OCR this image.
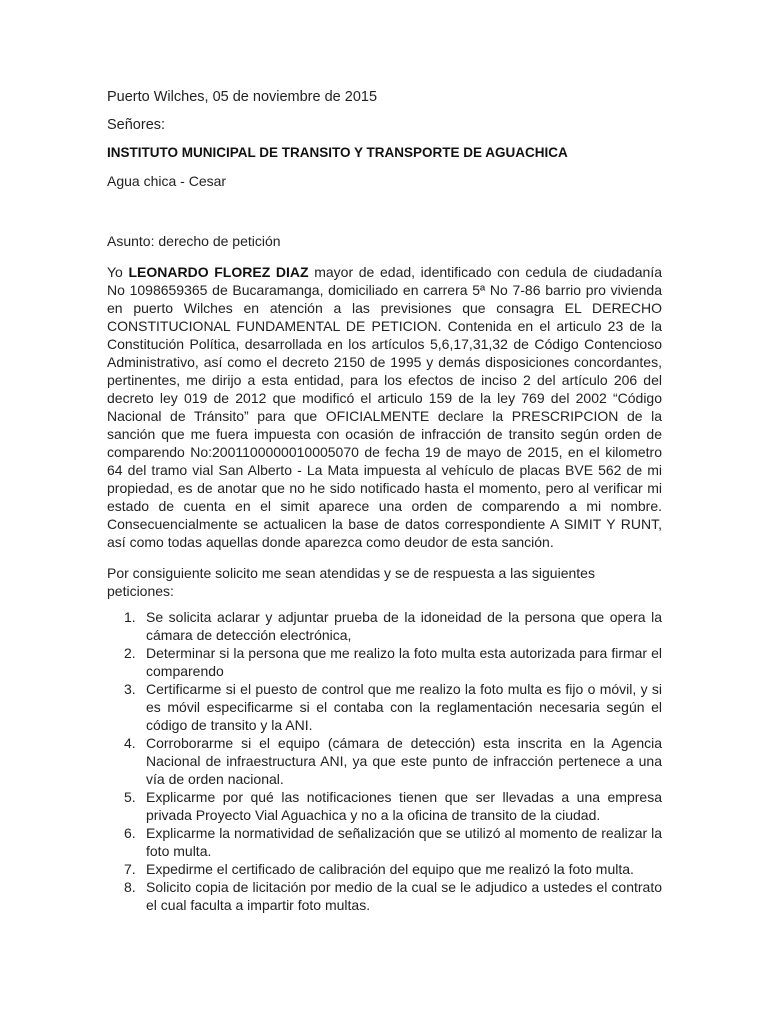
Puerto Wilches, 05 de noviembre de 2015

Señores:

INSTITUTO MUNICIPAL DE TRANSITO Y TRANSPORTE DE AGUACHICA

Agua chica - Cesar

Asunto: derecho de petición

Yo LEONARDO FLOREZ DIAZ mayor de edad, identificado con cedula de ciudadanía No 1098659365 de Bucaramanga, domiciliado en carrera 5ª No 7-86 barrio pro vivienda en puerto Wilches en atención a las previsiones que consagra EL DERECHO CONSTITUCIONAL FUNDAMENTAL DE PETICION. Contenida en el articulo 23 de la Constitución Política, desarrollada en los artículos 5,6,17,31,32 de Código Contencioso Administrativo, así como el decreto 2150 de 1995 y demás disposiciones concordantes, pertinentes, me dirijo a esta entidad, para los efectos de inciso 2 del artículo 206 del decreto ley 019 de 2012 que modificó el articulo 159 de la ley 769 del 2002 “Código Nacional de Tránsito” para que OFICIALMENTE declare la PRESCRIPCION de la sanción que me fuera impuesta con ocasión de infracción de transito según orden de comparendo No:2001100000010005070 de fecha 19 de mayo de 2015, en el kilometro 64 del tramo vial San Alberto - La Mata impuesta al vehículo de placas BVE 562 de mi propiedad, es de anotar que no he sido notificado hasta el momento, pero al verificar mi estado de cuenta en el simit aparece una orden de comparendo a mi nombre. Consecuencialmente se actualicen la base de datos correspondiente A SIMIT Y RUNT, así como todas aquellas donde aparezca como deudor de esta sanción.

Por consiguiente solicito me sean atendidas y se de respuesta a las siguientes peticiones:

1. Se solicita aclarar y adjuntar prueba de la idoneidad de la persona que opera la cámara de detección electrónica,
2. Determinar si la persona que me realizo la foto multa esta autorizada para firmar el comparendo
3. Certificarme si el puesto de control que me realizo la foto multa es fijo o móvil, y si es móvil especificarme si el contaba con la reglamentación necesaria según el código de transito y la ANI.
4. Corroborarme si el equipo (cámara de detección) esta inscrita en la Agencia Nacional de infraestructura ANI, ya que este punto de infracción pertenece a una vía de orden nacional.
5. Explicarme por qué las notificaciones tienen que ser llevadas a una empresa privada Proyecto Vial Aguachica y no a la oficina de transito de la ciudad.
6. Explicarme la normatividad de señalización que se utilizó al momento de realizar la foto multa.
7. Expedirme el certificado de calibración del equipo que me realizó la foto multa.
8. Solicito copia de licitación por medio de la cual se le adjudico a ustedes el contrato el cual faculta a impartir foto multas.
